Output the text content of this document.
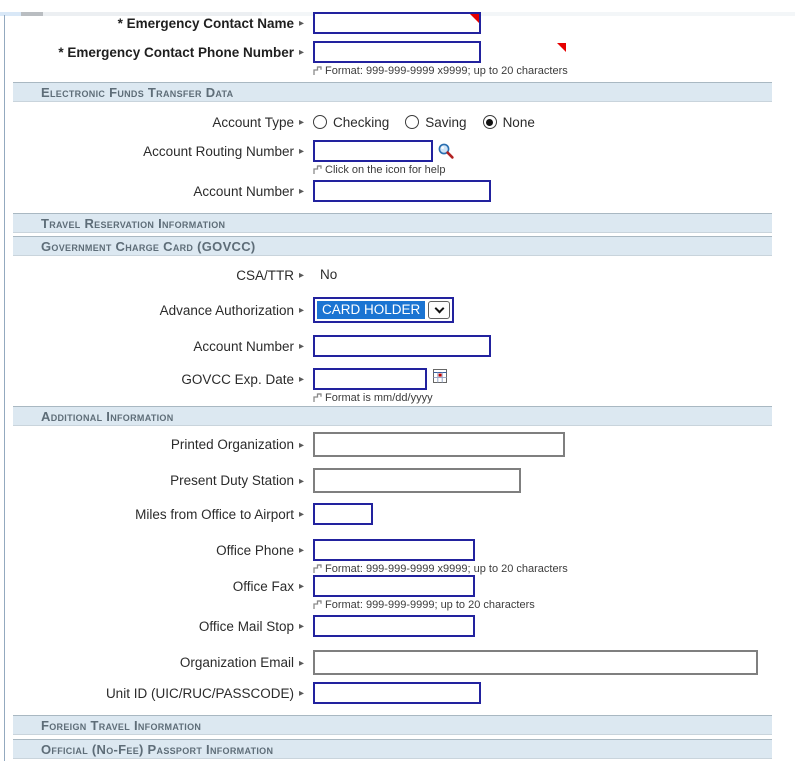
* Emergency Contact Name ▸
* Emergency Contact Phone Number ▸
Format: 999-999-9999 x9999; up to 20 characters
Electronic Funds Transfer Data
Account Type ▸ Checking	Saving	None
Account Routing Number ▸
Click on the icon for help
Account Number ▸
Travel Reservation Information
Government Charge Card (GOVCC)
CSA/TTR ▸	No
Advance Authorization ▸	CARD HOLDER
Account Number ▸
GOVCC Exp. Date ▸
Format is mm/dd/yyyy
Additional Information
Printed Organization ▸
Present Duty Station ▸
Miles from Office to Airport ▸
Office Phone ▸
Format: 999-999-9999 x9999; up to 20 characters
Office Fax ▸
Format: 999-999-9999; up to 20 characters
Office Mail Stop ▸
Organization Email ▸
Unit ID (UIC/RUC/PASSCODE) ▸
Foreign Travel Information
Official (No-Fee) Passport Information
